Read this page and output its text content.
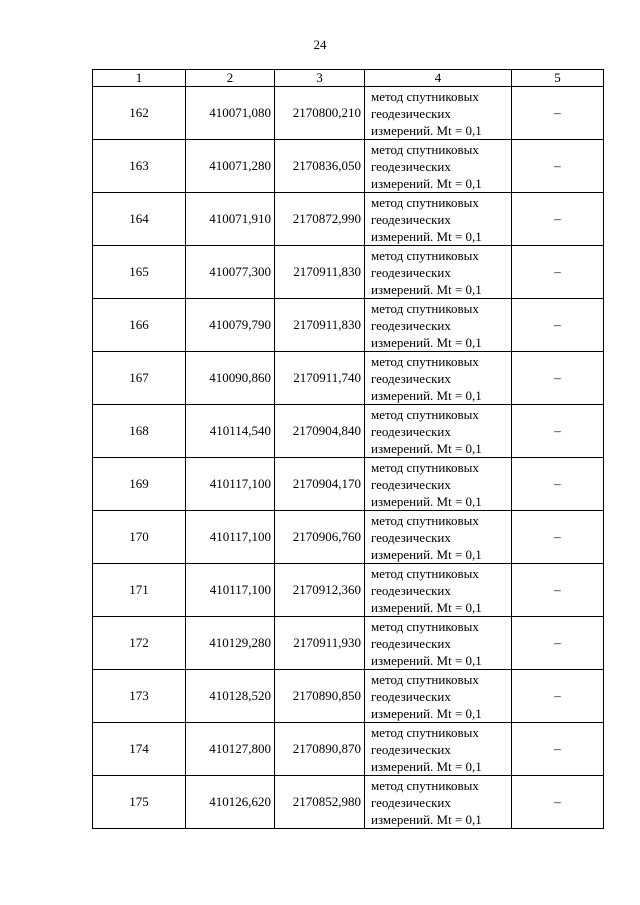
24
1	2	3	4	5
162	410071,080	2170800,210	метод спутниковых геодезических измерений. Mt = 0,1	–
163	410071,280	2170836,050	метод спутниковых геодезических измерений. Mt = 0,1	–
164	410071,910	2170872,990	метод спутниковых геодезических измерений. Mt = 0,1	–
165	410077,300	2170911,830	метод спутниковых геодезических измерений. Mt = 0,1	–
166	410079,790	2170911,830	метод спутниковых геодезических измерений. Mt = 0,1	–
167	410090,860	2170911,740	метод спутниковых геодезических измерений. Mt = 0,1	–
168	410114,540	2170904,840	метод спутниковых геодезических измерений. Mt = 0,1	–
169	410117,100	2170904,170	метод спутниковых геодезических измерений. Mt = 0,1	–
170	410117,100	2170906,760	метод спутниковых геодезических измерений. Mt = 0,1	–
171	410117,100	2170912,360	метод спутниковых геодезических измерений. Mt = 0,1	–
172	410129,280	2170911,930	метод спутниковых геодезических измерений. Mt = 0,1	–
173	410128,520	2170890,850	метод спутниковых геодезических измерений. Mt = 0,1	–
174	410127,800	2170890,870	метод спутниковых геодезических измерений. Mt = 0,1	–
175	410126,620	2170852,980	метод спутниковых геодезических измерений. Mt = 0,1	–
